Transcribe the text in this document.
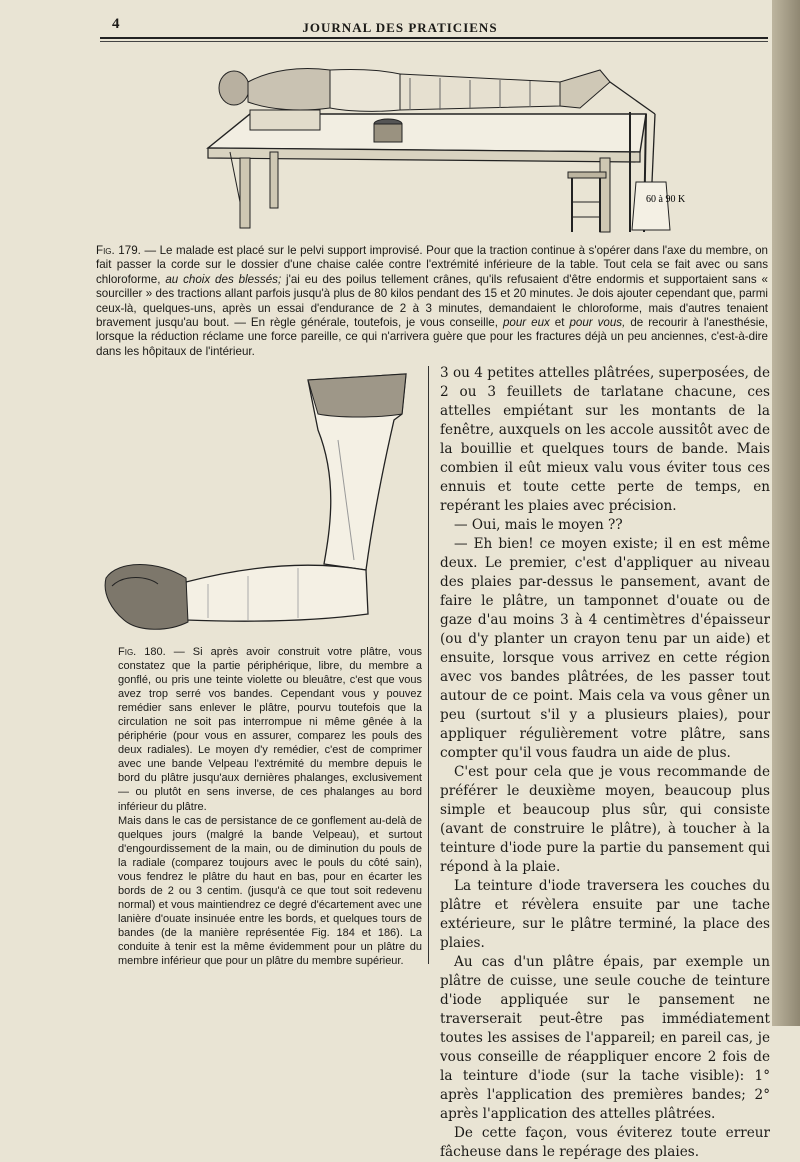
4	JOURNAL DES PRATICIENS
60 à 90 K

Fig. 179. — Le malade est placé sur le pelvi support improvisé. Pour que la traction continue à s'opérer dans l'axe du membre, on fait passer la corde sur le dossier d'une chaise calée contre l'extrémité inférieure de la table. Tout cela se fait avec ou sans chloroforme, au choix des blessés; j'ai eu des poilus tellement crânes, qu'ils refusaient d'être endormis et supportaient sans « sourciller » des tractions allant parfois jusqu'à plus de 80 kilos pendant des 15 et 20 minutes. Je dois ajouter cependant que, parmi ceux-là, quelques-uns, après un essai d'endurance de 2 à 3 minutes, demandaient le chloroforme, mais d'autres tenaient bravement jusqu'au bout. — En règle générale, toutefois, je vous conseille, pour eux et pour vous, de recourir à l'anesthésie, lorsque la réduction réclame une force pareille, ce qui n'arrivera guère que pour les fractures déjà un peu anciennes, c'est-à-dire dans les hôpitaux de l'intérieur.

Fig. 180. — Si après avoir construit votre plâtre, vous constatez que la partie périphérique, libre, du membre a gonflé, ou pris une teinte violette ou bleuâtre, c'est que vous avez trop serré vos bandes. Cependant vous y pouvez remédier sans enlever le plâtre, pourvu toutefois que la circulation ne soit pas interrompue ni même gênée à la périphérie (pour vous en assurer, comparez les pouls des deux radiales). Le moyen d'y remédier, c'est de comprimer avec une bande Velpeau l'extrémité du membre depuis le bord du plâtre jusqu'aux dernières phalanges, exclusivement — ou plutôt en sens inverse, de ces phalanges au bord inférieur du plâtre.

Mais dans le cas de persistance de ce gonflement au-delà de quelques jours (malgré la bande Velpeau), et surtout d'engourdissement de la main, ou de diminution du pouls de la radiale (comparez toujours avec le pouls du côté sain), vous fendrez le plâtre du haut en bas, pour en écarter les bords de 2 ou 3 centim. (jusqu'à ce que tout soit redevenu normal) et vous maintiendrez ce degré d'écartement avec une lanière d'ouate insinuée entre les bords, et quelques tours de bandes (de la manière représentée Fig. 184 et 186). La conduite à tenir est la même évidemment pour un plâtre du membre inférieur que pour un plâtre du membre supérieur.

3 ou 4 petites attelles plâtrées, superposées, de 2 ou 3 feuillets de tarlatane chacune, ces attelles empiétant sur les montants de la fenêtre, auxquels on les accole aussitôt avec de la bouillie et quelques tours de bande. Mais combien il eût mieux valu vous éviter tous ces ennuis et toute cette perte de temps, en repérant les plaies avec précision.

— Oui, mais le moyen ??

— Eh bien! ce moyen existe; il en est même deux. Le premier, c'est d'appliquer au niveau des plaies par-dessus le pansement, avant de faire le plâtre, un tamponnet d'ouate ou de gaze d'au moins 3 à 4 centimètres d'épaisseur (ou d'y planter un crayon tenu par un aide) et ensuite, lorsque vous arrivez en cette région avec vos bandes plâtrées, de les passer tout autour de ce point. Mais cela va vous gêner un peu (surtout s'il y a plusieurs plaies), pour appliquer régulièrement votre plâtre, sans compter qu'il vous faudra un aide de plus.

C'est pour cela que je vous recommande de préférer le deuxième moyen, beaucoup plus simple et beaucoup plus sûr, qui consiste (avant de construire le plâtre), à toucher à la teinture d'iode pure la partie du pansement qui répond à la plaie.

La teinture d'iode traversera les couches du plâtre et révèlera ensuite par une tache extérieure, sur le plâtre terminé, la place des plaies.

Au cas d'un plâtre épais, par exemple un plâtre de cuisse, une seule couche de teinture d'iode appliquée sur le pansement ne traverserait peut-être pas immédiatement toutes les assises de l'appareil; en pareil cas, je vous conseille de réappliquer encore 2 fois de la teinture d'iode (sur la tache visible): 1° après l'application des premières bandes; 2° après l'application des attelles plâtrées.

De cette façon, vous éviterez toute erreur fâcheuse dans le repérage des plaies.
